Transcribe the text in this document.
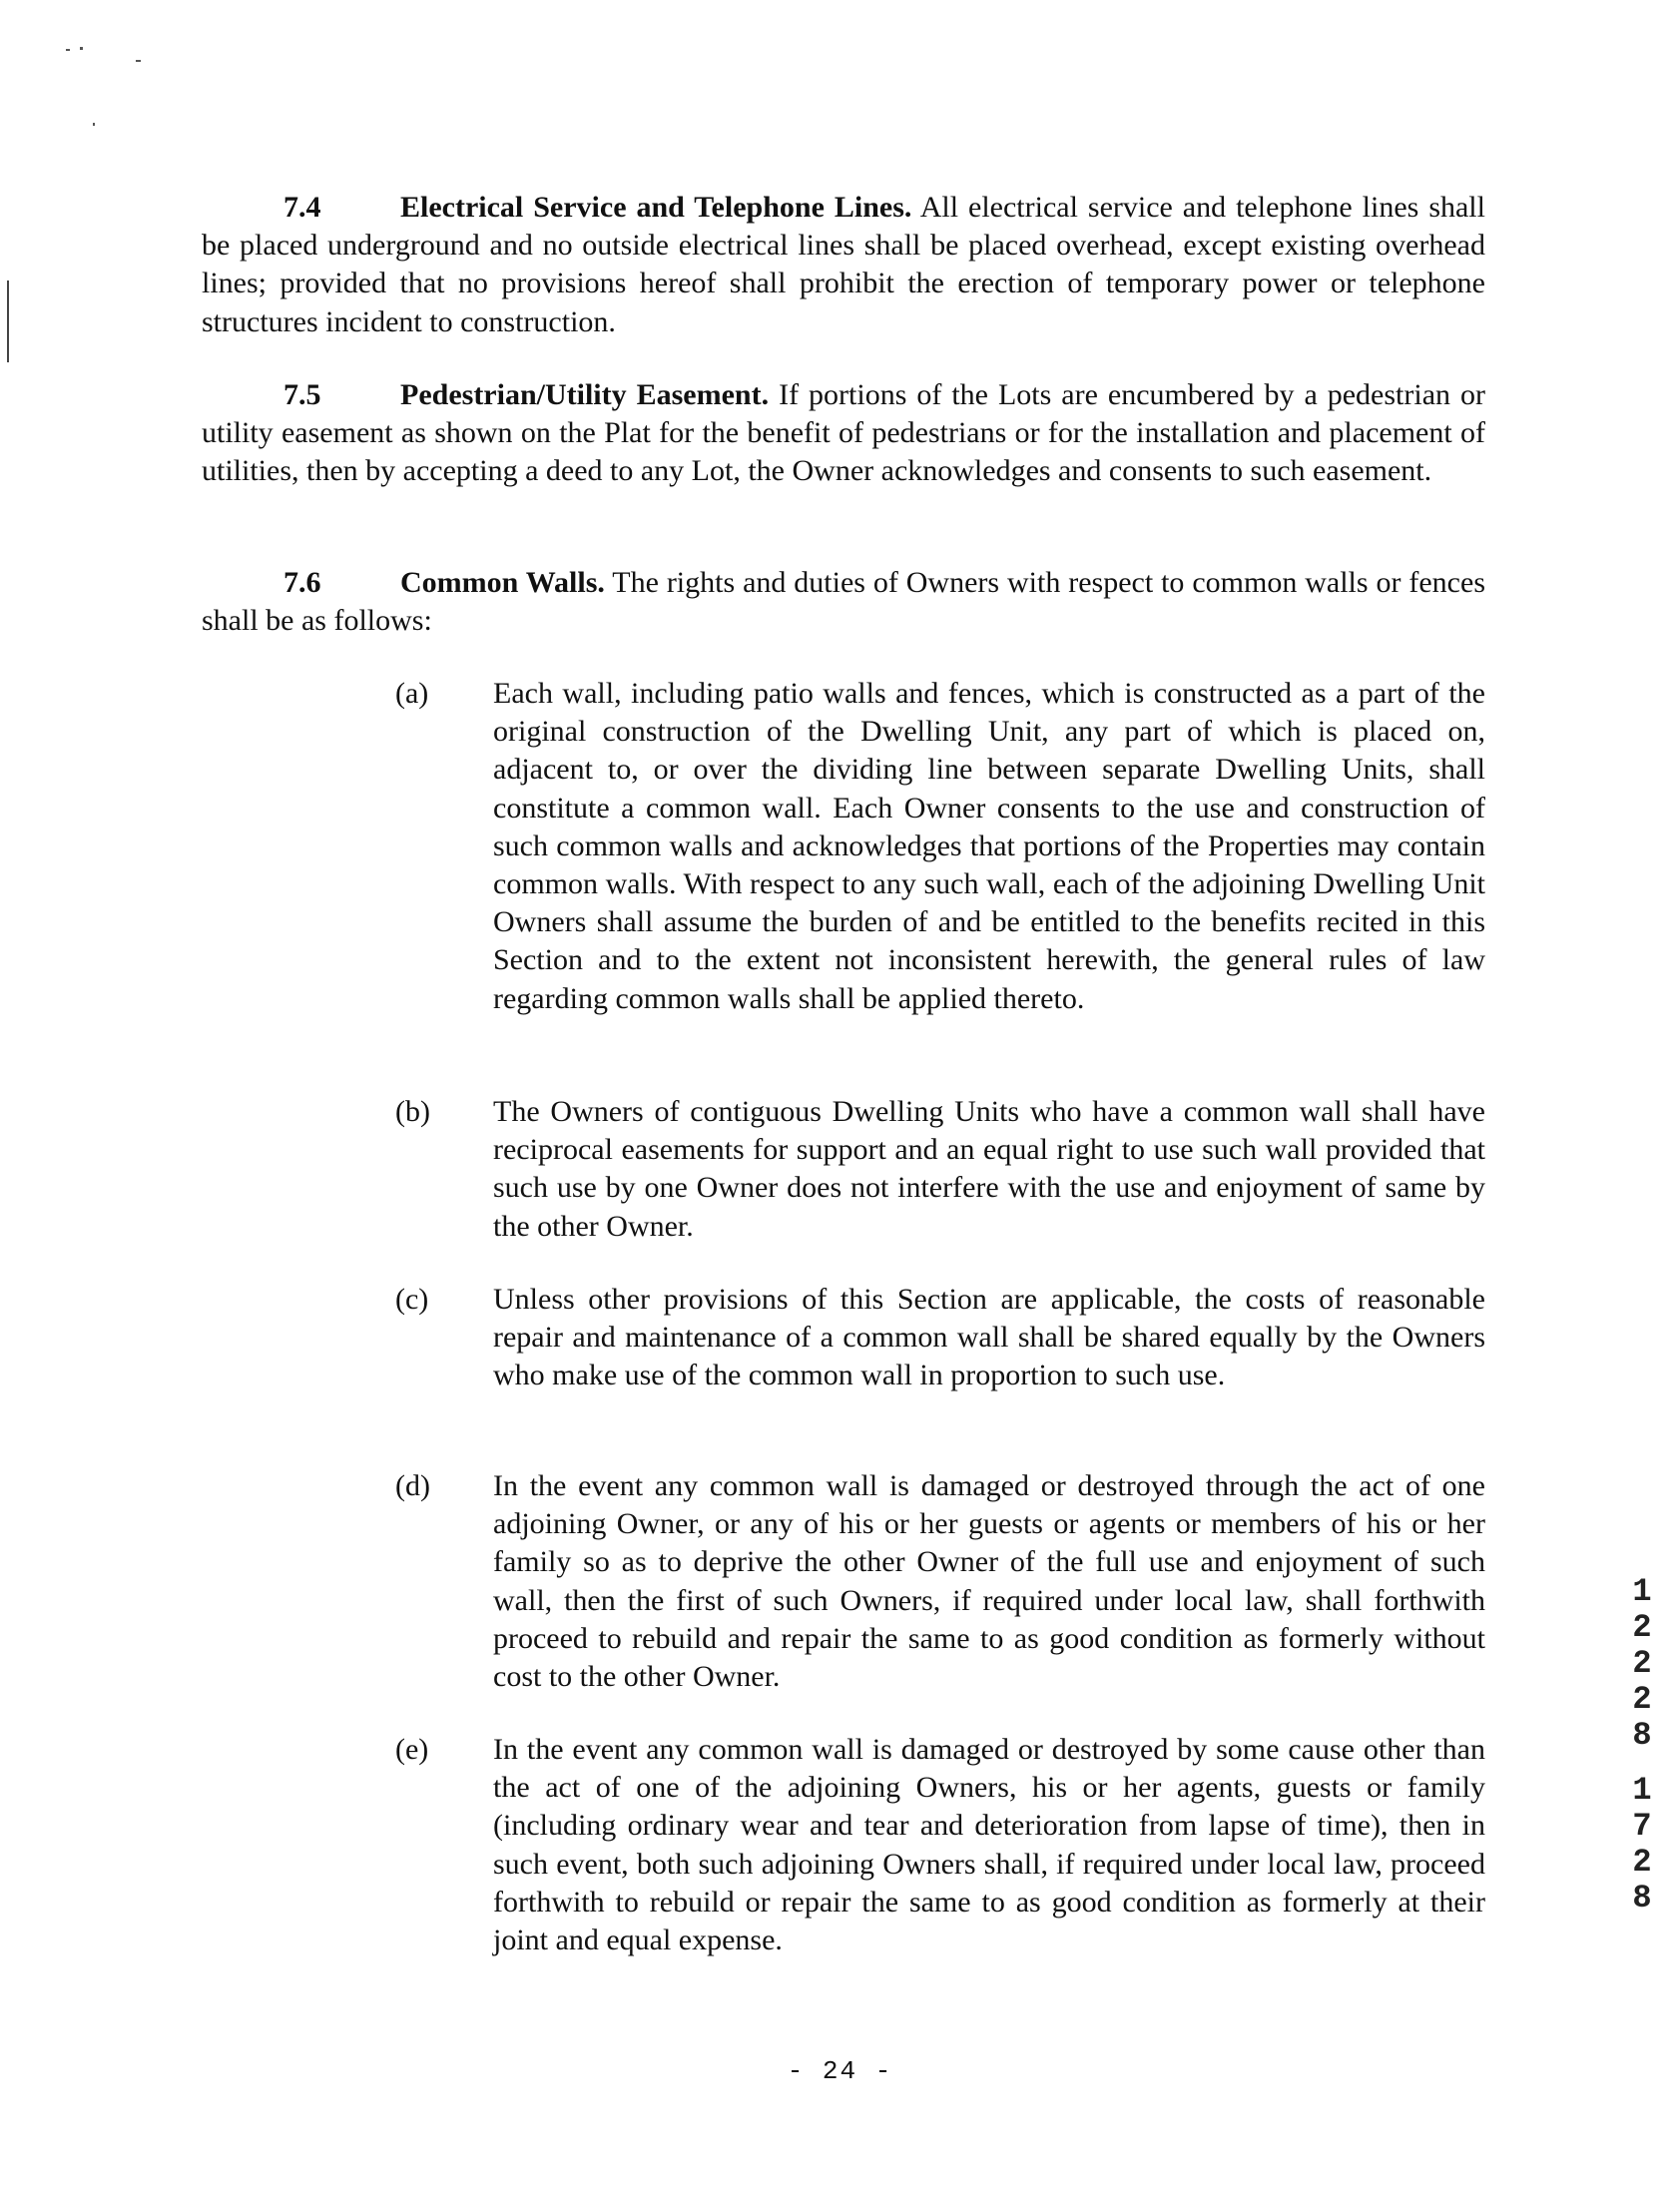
7.4	Electrical Service and Telephone Lines. All electrical service and telephone lines shall be placed underground and no outside electrical lines shall be placed overhead, except existing overhead lines; provided that no provisions hereof shall prohibit the erection of temporary power or telephone structures incident to construction.
7.5	Pedestrian/Utility Easement. If portions of the Lots are encumbered by a pedestrian or utility easement as shown on the Plat for the benefit of pedestrians or for the installation and placement of utilities, then by accepting a deed to any Lot, the Owner acknowledges and consents to such easement.
7.6	Common Walls. The rights and duties of Owners with respect to common walls or fences shall be as follows:
(a)	Each wall, including patio walls and fences, which is constructed as a part of the original construction of the Dwelling Unit, any part of which is placed on, adjacent to, or over the dividing line between separate Dwelling Units, shall constitute a common wall. Each Owner consents to the use and construction of such common walls and acknowledges that portions of the Properties may contain common walls. With respect to any such wall, each of the adjoining Dwelling Unit Owners shall assume the burden of and be entitled to the benefits recited in this Section and to the extent not inconsistent herewith, the general rules of law regarding common walls shall be applied thereto.
(b)	The Owners of contiguous Dwelling Units who have a common wall shall have reciprocal easements for support and an equal right to use such wall provided that such use by one Owner does not interfere with the use and enjoyment of same by the other Owner.
(c)	Unless other provisions of this Section are applicable, the costs of reasonable repair and maintenance of a common wall shall be shared equally by the Owners who make use of the common wall in proportion to such use.
(d)	In the event any common wall is damaged or destroyed through the act of one adjoining Owner, or any of his or her guests or agents or members of his or her family so as to deprive the other Owner of the full use and enjoyment of such wall, then the first of such Owners, if required under local law, shall forthwith proceed to rebuild and repair the same to as good condition as formerly without cost to the other Owner.
(e)	In the event any common wall is damaged or destroyed by some cause other than the act of one of the adjoining Owners, his or her agents, guests or family (including ordinary wear and tear and deterioration from lapse of time), then in such event, both such adjoining Owners shall, if required under local law, proceed forthwith to rebuild or repair the same to as good condition as formerly at their joint and equal expense.
1
2
2
2
8
1
7
2
8
- 24 -
